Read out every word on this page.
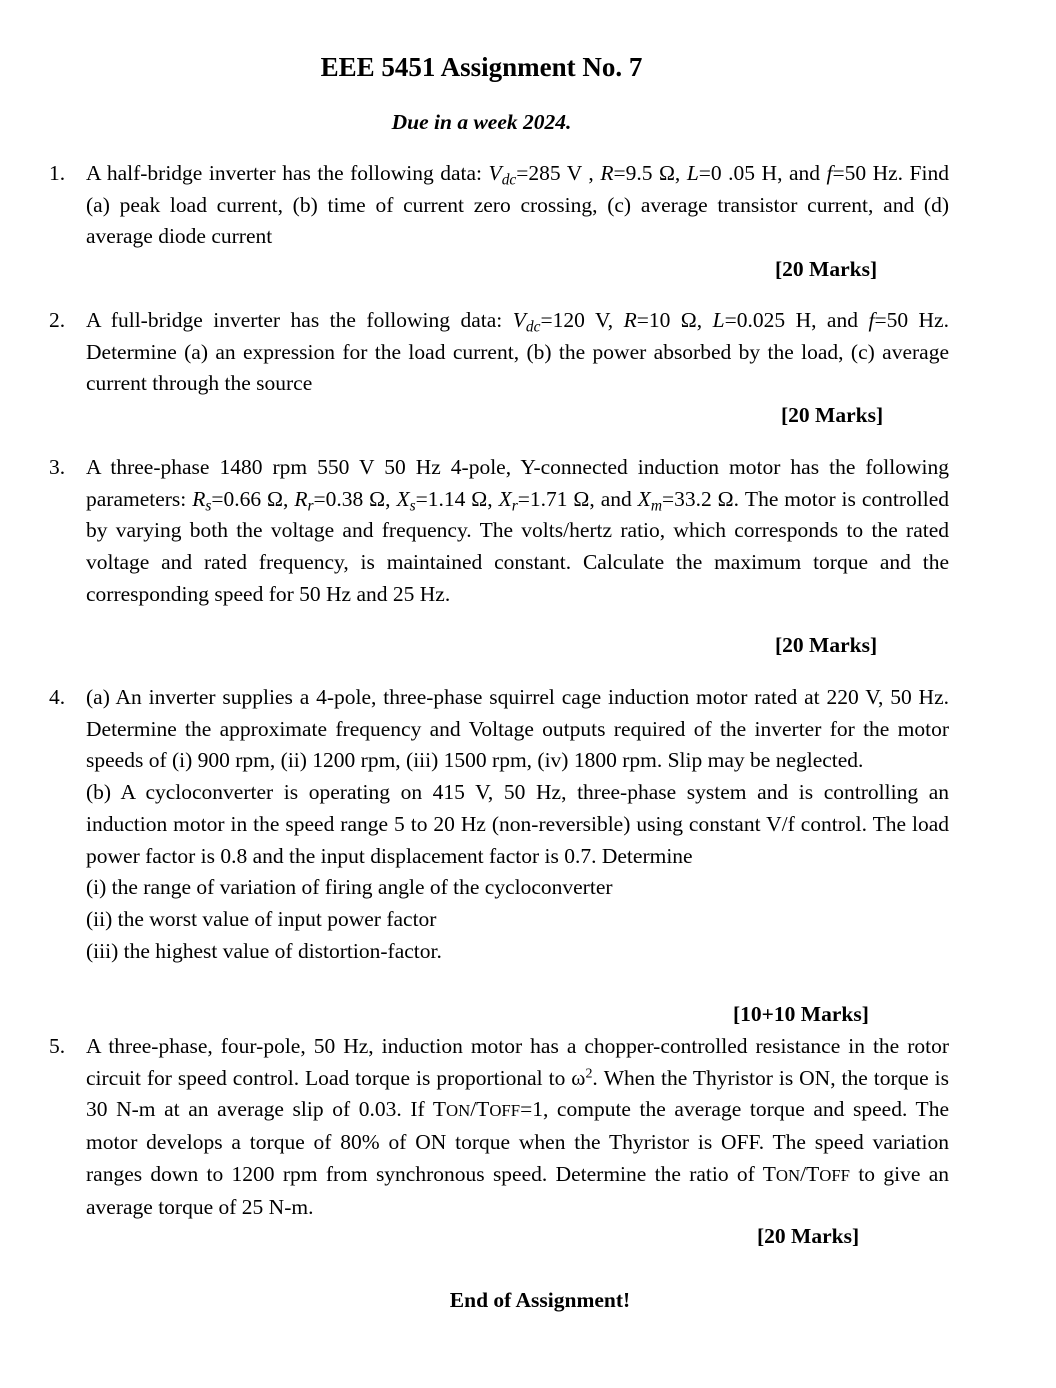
EEE 5451 Assignment No. 7
Due in a week 2024.
1. A half-bridge inverter has the following data: $V_{dc}=285$ V , R=9.5 Ω, L=0 .05 H, and f=50 Hz. Find (a) peak load current, (b) time of current zero crossing, (c) average transistor current, and (d) average diode current
[20 Marks]
2. A full-bridge inverter has the following data: $V_{dc}=120$ V, R=10 Ω, L=0.025 H, and f=50 Hz. Determine (a) an expression for the load current, (b) the power absorbed by the load, (c) average current through the source
[20 Marks]
3. A three-phase 1480 rpm 550 V 50 Hz 4-pole, Y-connected induction motor has the following parameters: $R_s=0.66$ Ω, $R_r=0.38$ Ω, $X_s=1.14$ Ω, $X_r=1.71$ Ω, and $X_m=33.2$ Ω. The motor is controlled by varying both the voltage and frequency. The volts/hertz ratio, which corresponds to the rated voltage and rated frequency, is maintained constant. Calculate the maximum torque and the corresponding speed for 50 Hz and 25 Hz.
[20 Marks]
4. (a) An inverter supplies a 4-pole, three-phase squirrel cage induction motor rated at 220 V, 50 Hz. Determine the approximate frequency and Voltage outputs required of the inverter for the motor speeds of (i) 900 rpm, (ii) 1200 rpm, (iii) 1500 rpm, (iv) 1800 rpm. Slip may be neglected.

(b) A cycloconverter is operating on 415 V, 50 Hz, three-phase system and is controlling an induction motor in the speed range 5 to 20 Hz (non-reversible) using constant V/f control. The load power factor is 0.8 and the input displacement factor is 0.7. Determine

(i) the range of variation of firing angle of the cycloconverter

(ii) the worst value of input power factor

(iii) the highest value of distortion-factor.

[10+10 Marks]
5. A three-phase, four-pole, 50 Hz, induction motor has a chopper-controlled resistance in the rotor circuit for speed control. Load torque is proportional to $\omega^2$. When the Thyristor is ON, the torque is 30 N-m at an average slip of 0.03. If TON/TOFF=1, compute the average torque and speed. The motor develops a torque of 80% of ON torque when the Thyristor is OFF. The speed variation ranges down to 1200 rpm from synchronous speed. Determine the ratio of TON/TOFF to give an average torque of 25 N-m.
[20 Marks]
End of Assignment!
